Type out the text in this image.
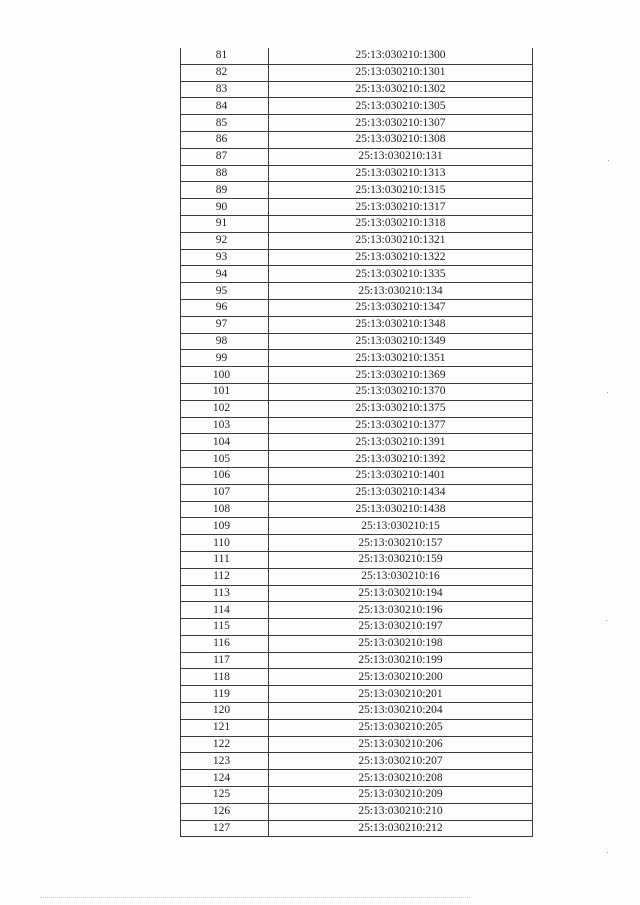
81	25:13:030210:1300
82	25:13:030210:1301
83	25:13:030210:1302
84	25:13:030210:1305
85	25:13:030210:1307
86	25:13:030210:1308
87	25:13:030210:131
88	25:13:030210:1313
89	25:13:030210:1315
90	25:13:030210:1317
91	25:13:030210:1318
92	25:13:030210:1321
93	25:13:030210:1322
94	25:13:030210:1335
95	25:13:030210:134
96	25:13:030210:1347
97	25:13:030210:1348
98	25:13:030210:1349
99	25:13:030210:1351
100	25:13:030210:1369
101	25:13:030210:1370
102	25:13:030210:1375
103	25:13:030210:1377
104	25:13:030210:1391
105	25:13:030210:1392
106	25:13:030210:1401
107	25:13:030210:1434
108	25:13:030210:1438
109	25:13:030210:15
110	25:13:030210:157
111	25:13:030210:159
112	25:13:030210:16
113	25:13:030210:194
114	25:13:030210:196
115	25:13:030210:197
116	25:13:030210:198
117	25:13:030210:199
118	25:13:030210:200
119	25:13:030210:201
120	25:13:030210:204
121	25:13:030210:205
122	25:13:030210:206
123	25:13:030210:207
124	25:13:030210:208
125	25:13:030210:209
126	25:13:030210:210
127	25:13:030210:212
